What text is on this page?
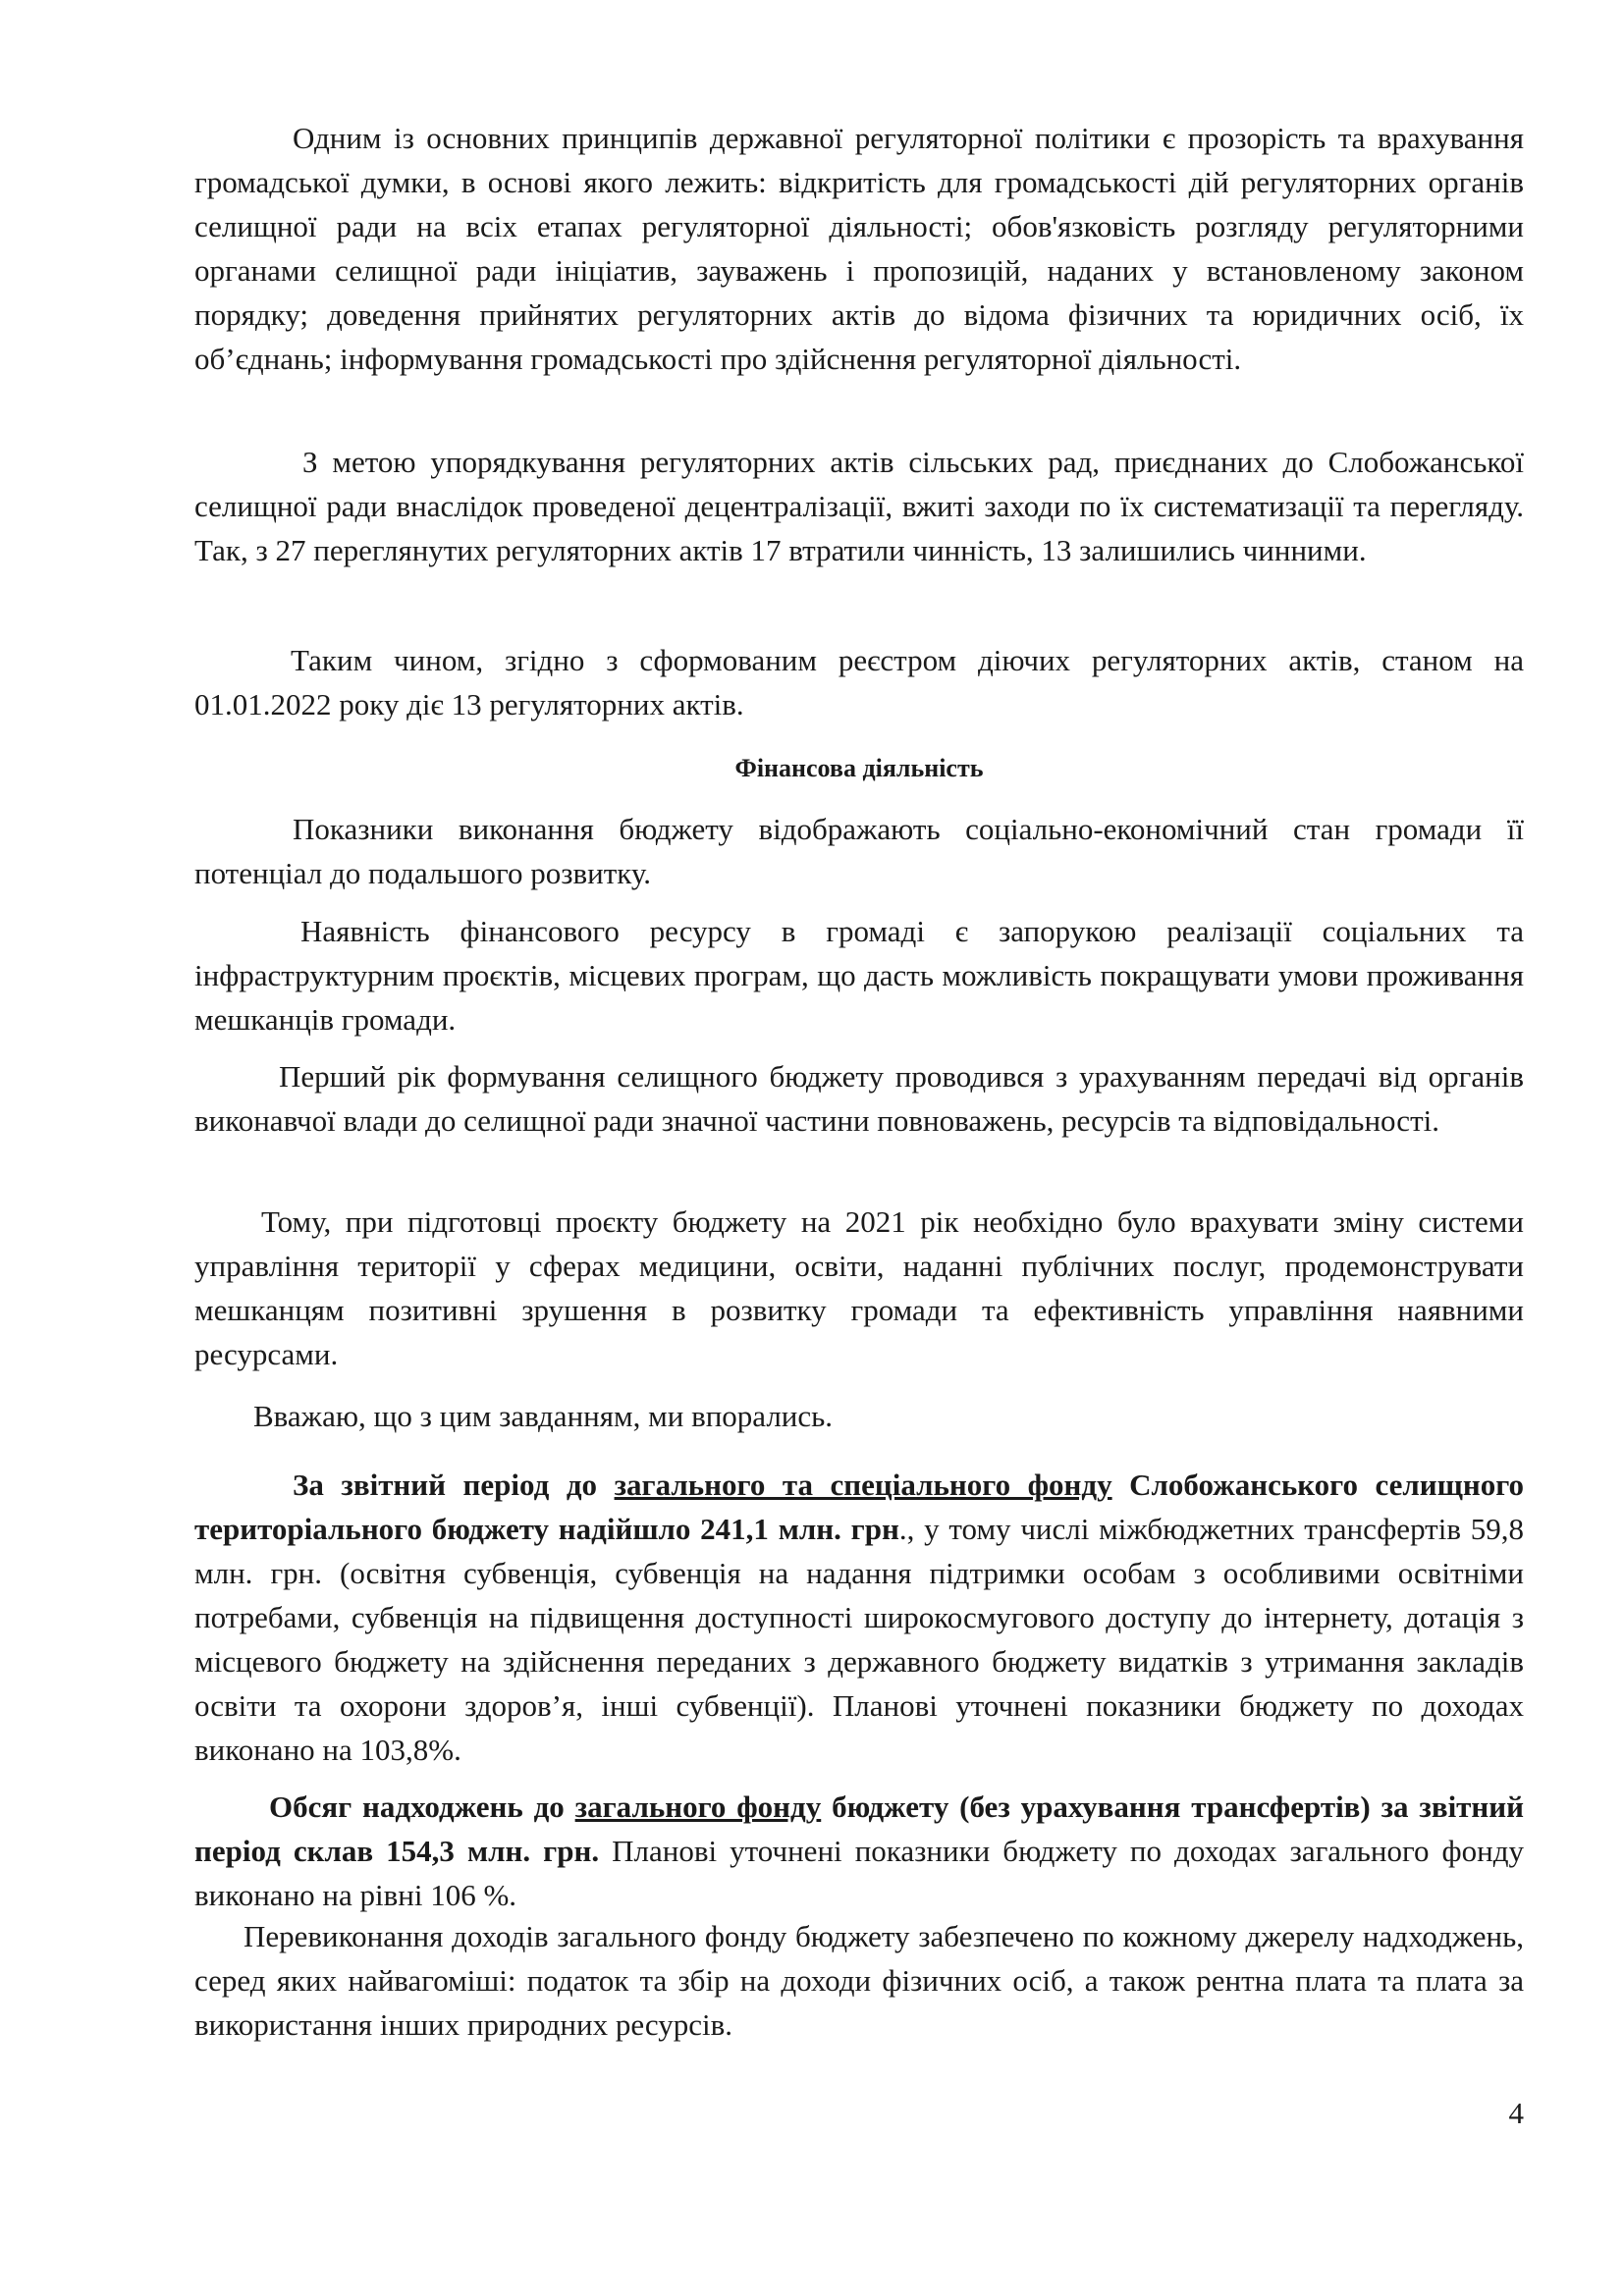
Одним із основних принципів державної регуляторної політики є прозорість та врахування громадської думки, в основі якого лежить: відкритість для громадськості дій регуляторних органів селищної ради на всіх етапах регуляторної діяльності; обов'язковість розгляду регуляторними органами селищної ради ініціатив, зауважень і пропозицій, наданих у встановленому законом порядку; доведення прийнятих регуляторних актів до відома фізичних та юридичних осіб, їх об’єднань; інформування громадськості про здійснення регуляторної діяльності.

З метою упорядкування регуляторних актів сільських рад, приєднаних до Слобожанської селищної ради внаслідок проведеної децентралізації, вжиті заходи по їх систематизації та перегляду. Так, з 27 переглянутих регуляторних актів 17 втратили чинність, 13 залишились чинними.

Таким чином, згідно з сформованим реєстром діючих регуляторних актів, станом на 01.01.2022 року діє 13 регуляторних актів.

Фінансова діяльність

Показники виконання бюджету відображають соціально-економічний стан громади її потенціал до подальшого розвитку.

Наявність фінансового ресурсу в громаді є запорукою реалізації соціальних та інфраструктурним проєктів, місцевих програм, що дасть можливість покращувати умови проживання мешканців громади.

Перший рік формування селищного бюджету проводився з урахуванням передачі від органів виконавчої влади до селищної ради значної частини повноважень, ресурсів та відповідальності.

Тому, при підготовці проєкту бюджету на 2021 рік необхідно було врахувати зміну системи управління території у сферах медицини, освіти, наданні публічних послуг, продемонструвати мешканцям позитивні зрушення в розвитку громади та ефективність управління наявними ресурсами.

Вважаю, що з цим завданням, ми впорались.

За звітний період до загального та спеціального фонду Слобожанського селищного територіального бюджету надійшло 241,1 млн. грн., у тому числі міжбюджетних трансфертів 59,8 млн. грн. (освітня субвенція, субвенція на надання підтримки особам з особливими освітніми потребами, субвенція на підвищення доступності широкосмугового доступу до інтернету, дотація з місцевого бюджету на здійснення переданих з державного бюджету видатків з утримання закладів освіти та охорони здоров’я, інші субвенції). Планові уточнені показники бюджету по доходах виконано на 103,8%.

Обсяг надходжень до загального фонду бюджету (без урахування трансфертів) за звітний період склав 154,3 млн. грн. Планові уточнені показники бюджету по доходах загального фонду виконано на рівні 106 %.

Перевиконання доходів загального фонду бюджету забезпечено по кожному джерелу надходжень, серед яких найвагоміші: податок та збір на доходи фізичних осіб, а також рентна плата та плата за використання інших природних ресурсів.

4
